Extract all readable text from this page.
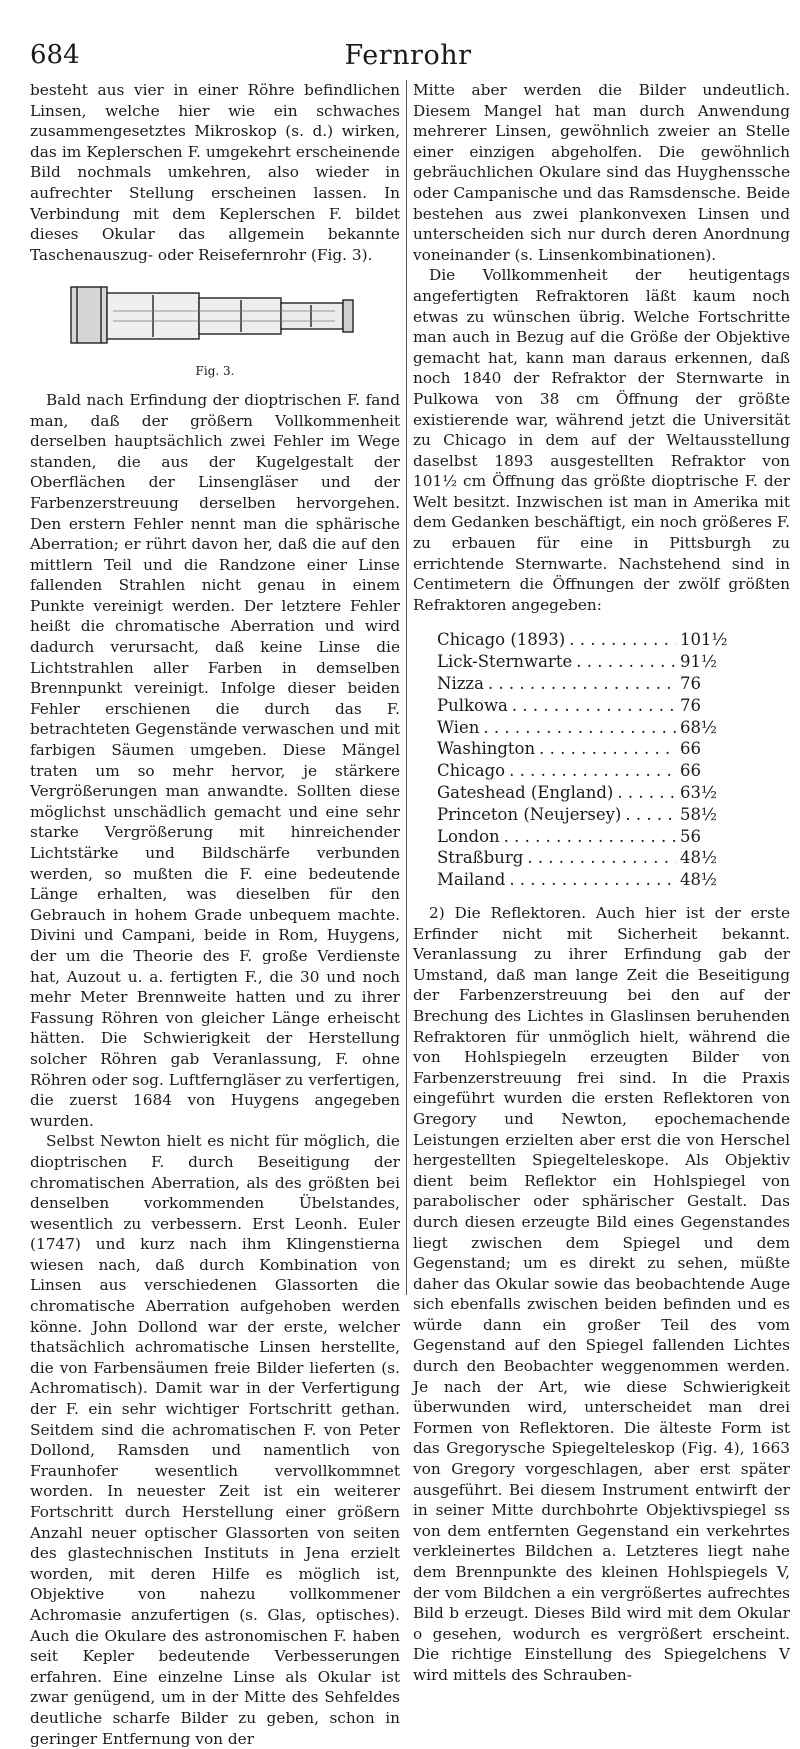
684	Fernrohr

besteht aus vier in einer Röhre befindlichen Linsen, welche hier wie ein schwaches zusammengesetztes Mikroskop (s. d.) wirken, das im Keplerschen F. umgekehrt erscheinende Bild nochmals umkehren, also wieder in aufrechter Stellung erscheinen lassen. In Verbindung mit dem Keplerschen F. bildet dieses Okular das allgemein bekannte Taschenauszug- oder Reisefernrohr (Fig. 3).

Fig. 3.

Bald nach Erfindung der dioptrischen F. fand man, daß der größern Vollkommenheit derselben hauptsächlich zwei Fehler im Wege standen, die aus der Kugelgestalt der Oberflächen der Linsengläser und der Farbenzerstreuung derselben hervorgehen. Den erstern Fehler nennt man die sphärische Aberration; er rührt davon her, daß die auf den mittlern Teil und die Randzone einer Linse fallenden Strahlen nicht genau in einem Punkte vereinigt werden. Der letztere Fehler heißt die chromatische Aberration und wird dadurch verursacht, daß keine Linse die Lichtstrahlen aller Farben in demselben Brennpunkt vereinigt. Infolge dieser beiden Fehler erschienen die durch das F. betrachteten Gegenstände verwaschen und mit farbigen Säumen umgeben. Diese Mängel traten um so mehr hervor, je stärkere Vergrößerungen man anwandte. Sollten diese möglichst unschädlich gemacht und eine sehr starke Vergrößerung mit hinreichender Lichtstärke und Bildschärfe verbunden werden, so mußten die F. eine bedeutende Länge erhalten, was dieselben für den Gebrauch in hohem Grade unbequem machte. Divini und Campani, beide in Rom, Huygens, der um die Theorie des F. große Verdienste hat, Auzout u. a. fertigten F., die 30 und noch mehr Meter Brennweite hatten und zu ihrer Fassung Röhren von gleicher Länge erheischt hätten. Die Schwierigkeit der Herstellung solcher Röhren gab Veranlassung, F. ohne Röhren oder sog. Luftferngläser zu verfertigen, die zuerst 1684 von Huygens angegeben wurden.

Selbst Newton hielt es nicht für möglich, die dioptrischen F. durch Beseitigung der chromatischen Aberration, als des größten bei denselben vorkommenden Übelstandes, wesentlich zu verbessern. Erst Leonh. Euler (1747) und kurz nach ihm Klingenstierna wiesen nach, daß durch Kombination von Linsen aus verschiedenen Glassorten die chromatische Aberration aufgehoben werden könne. John Dollond war der erste, welcher thatsächlich achromatische Linsen herstellte, die von Farbensäumen freie Bilder lieferten (s. Achromatisch). Damit war in der Verfertigung der F. ein sehr wichtiger Fortschritt gethan. Seitdem sind die achromatischen F. von Peter Dollond, Ramsden und namentlich von Fraunhofer wesentlich vervollkommnet worden. In neuester Zeit ist ein weiterer Fortschritt durch Herstellung einer größern Anzahl neuer optischer Glassorten von seiten des glastechnischen Instituts in Jena erzielt worden, mit deren Hilfe es möglich ist, Objektive von nahezu vollkommener Achromasie anzufertigen (s. Glas, optisches). Auch die Okulare des astronomischen F. haben seit Kepler bedeutende Verbesserungen erfahren. Eine einzelne Linse als Okular ist zwar genügend, um in der Mitte des Sehfeldes deutliche scharfe Bilder zu geben, schon in geringer Entfernung von der

Mitte aber werden die Bilder undeutlich. Diesem Mangel hat man durch Anwendung mehrerer Linsen, gewöhnlich zweier an Stelle einer einzigen abgeholfen. Die gewöhnlich gebräuchlichen Okulare sind das Huyghenssche oder Campanische und das Ramsdensche. Beide bestehen aus zwei plankonvexen Linsen und unterscheiden sich nur durch deren Anordnung voneinander (s. Linsenkombinationen).

Die Vollkommenheit der heutigentags angefertigten Refraktoren läßt kaum noch etwas zu wünschen übrig. Welche Fortschritte man auch in Bezug auf die Größe der Objektive gemacht hat, kann man daraus erkennen, daß noch 1840 der Refraktor der Sternwarte in Pulkowa von 38 cm Öffnung der größte existierende war, während jetzt die Universität zu Chicago in dem auf der Weltausstellung daselbst 1893 ausgestellten Refraktor von 101½ cm Öffnung das größte dioptrische F. der Welt besitzt. Inzwischen ist man in Amerika mit dem Gedanken beschäftigt, ein noch größeres F. zu erbauen für eine in Pittsburgh zu errichtende Sternwarte. Nachstehend sind in Centimetern die Öffnungen der zwölf größten Refraktoren angegeben:

Chicago (1893) . . .	101½
Lick-Sternwarte . . .	91½
Nizza . . .	76
Pulkowa . . .	76
Wien . . .	68½
Washington . . .	66
Chicago . . .	66
Gateshead (England) . . .	63½
Princeton (Neujersey) . . .	58½
London . . .	56
Straßburg . . .	48½
Mailand . . .	48½

2) Die Reflektoren. Auch hier ist der erste Erfinder nicht mit Sicherheit bekannt. Veranlassung zu ihrer Erfindung gab der Umstand, daß man lange Zeit die Beseitigung der Farbenzerstreuung bei den auf der Brechung des Lichtes in Glaslinsen beruhenden Refraktoren für unmöglich hielt, während die von Hohlspiegeln erzeugten Bilder von Farbenzerstreuung frei sind. In die Praxis eingeführt wurden die ersten Reflektoren von Gregory und Newton, epochemachende Leistungen erzielten aber erst die von Herschel hergestellten Spiegelteleskope. Als Objektiv dient beim Reflektor ein Hohlspiegel von parabolischer oder sphärischer Gestalt. Das durch diesen erzeugte Bild eines Gegenstandes liegt zwischen dem Spiegel und dem Gegenstand; um es direkt zu sehen, müßte daher das Okular sowie das beobachtende Auge sich ebenfalls zwischen beiden befinden und es würde dann ein großer Teil des vom Gegenstand auf den Spiegel fallenden Lichtes durch den Beobachter weggenommen werden. Je nach der Art, wie diese Schwierigkeit überwunden wird, unterscheidet man drei Formen von Reflektoren. Die älteste Form ist das Gregorysche Spiegelteleskop (Fig. 4), 1663 von Gregory vorgeschlagen, aber erst später ausgeführt. Bei diesem Instrument entwirft der in seiner Mitte durchbohrte Objektivspiegel ss von dem entfernten Gegenstand ein verkehrtes verkleinertes Bildchen a. Letzteres liegt nahe dem Brennpunkte des kleinen Hohlspiegels V, der vom Bildchen a ein vergrößertes aufrechtes Bild b erzeugt. Dieses Bild wird mit dem Okular o gesehen, wodurch es vergrößert erscheint. Die richtige Einstellung des Spiegelchens V wird mittels des Schrauben-
